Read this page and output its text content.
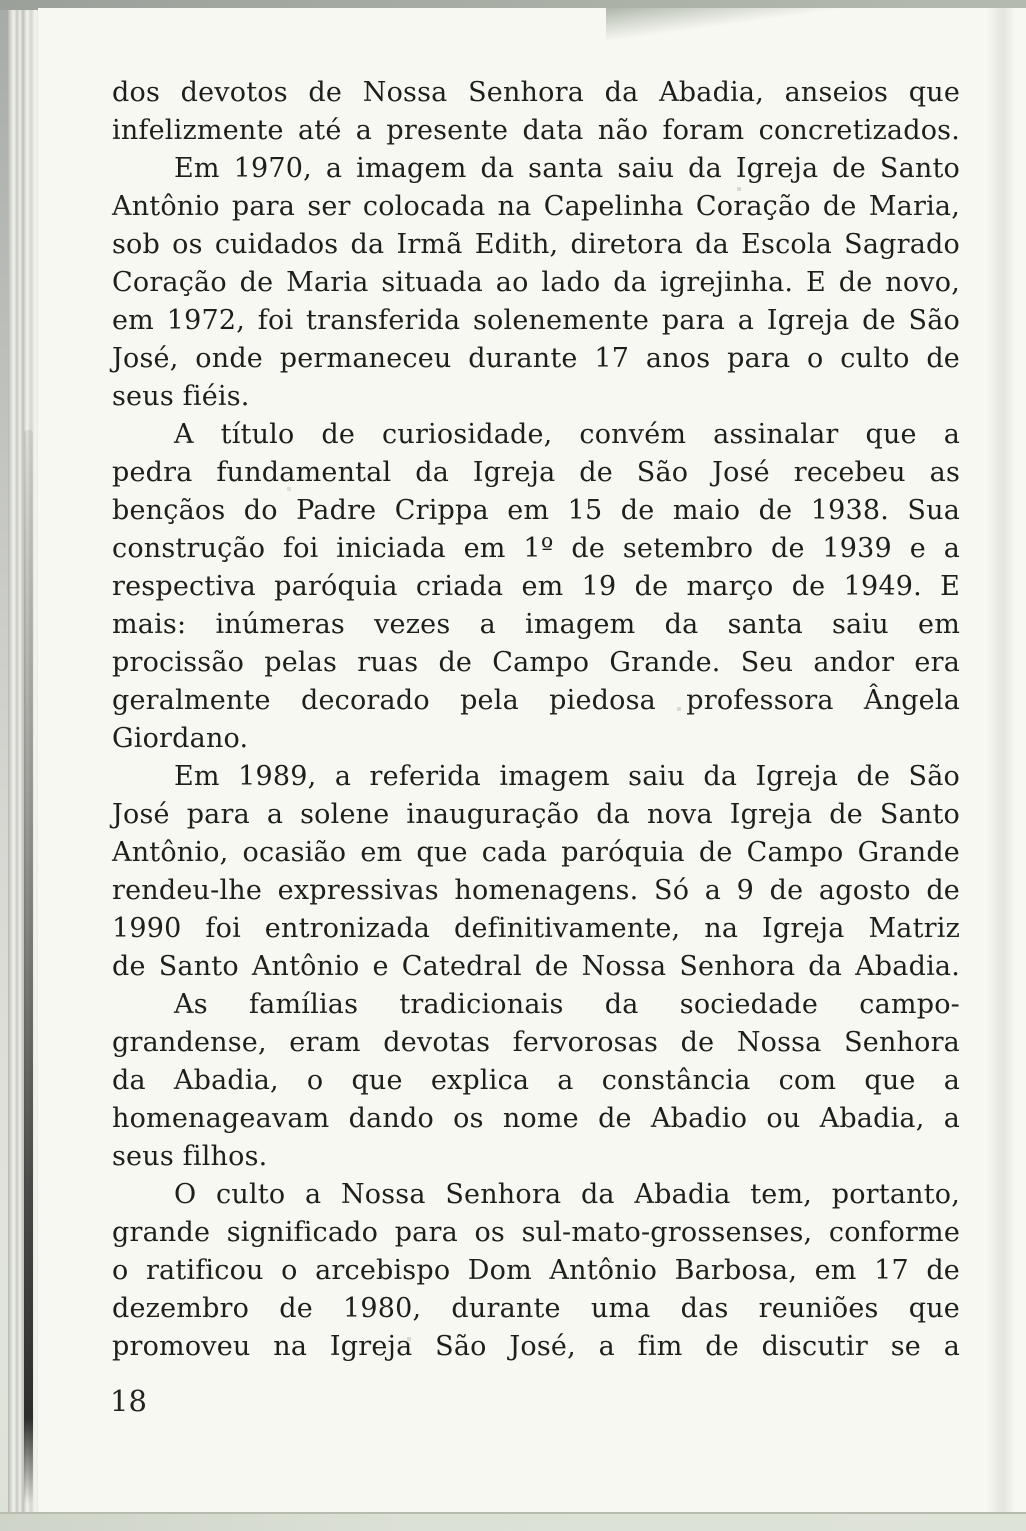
dos devotos de Nossa Senhora da Abadia, anseios que
infelizmente até a presente data não foram concretizados.

Em 1970, a imagem da santa saiu da Igreja de Santo
Antônio para ser colocada na Capelinha Coração de Maria,
sob os cuidados da Irmã Edith, diretora da Escola Sagrado
Coração de Maria situada ao lado da igrejinha. E de novo,
em 1972, foi transferida solenemente para a Igreja de São
José, onde permaneceu durante 17 anos para o culto de
seus fiéis.

A título de curiosidade, convém assinalar que a
pedra fundamental da Igreja de São José recebeu as
bençãos do Padre Crippa em 15 de maio de 1938. Sua
construção foi iniciada em 1º de setembro de 1939 e a
respectiva paróquia criada em 19 de março de 1949. E
mais: inúmeras vezes a imagem da santa saiu em
procissão pelas ruas de Campo Grande. Seu andor era
geralmente decorado pela piedosa professora Ângela
Giordano.

Em 1989, a referida imagem saiu da Igreja de São
José para a solene inauguração da nova Igreja de Santo
Antônio, ocasião em que cada paróquia de Campo Grande
rendeu-lhe expressivas homenagens. Só a 9 de agosto de
1990 foi entronizada definitivamente, na Igreja Matriz
de Santo Antônio e Catedral de Nossa Senhora da Abadia.

As famílias tradicionais da sociedade campo-
grandense, eram devotas fervorosas de Nossa Senhora
da Abadia, o que explica a constância com que a
homenageavam dando os nome de Abadio ou Abadia, a
seus filhos.

O culto a Nossa Senhora da Abadia tem, portanto,
grande significado para os sul-mato-grossenses, conforme
o ratificou o arcebispo Dom Antônio Barbosa, em 17 de
dezembro de 1980, durante uma das reuniões que
promoveu na Igreja São José, a fim de discutir se a

18
